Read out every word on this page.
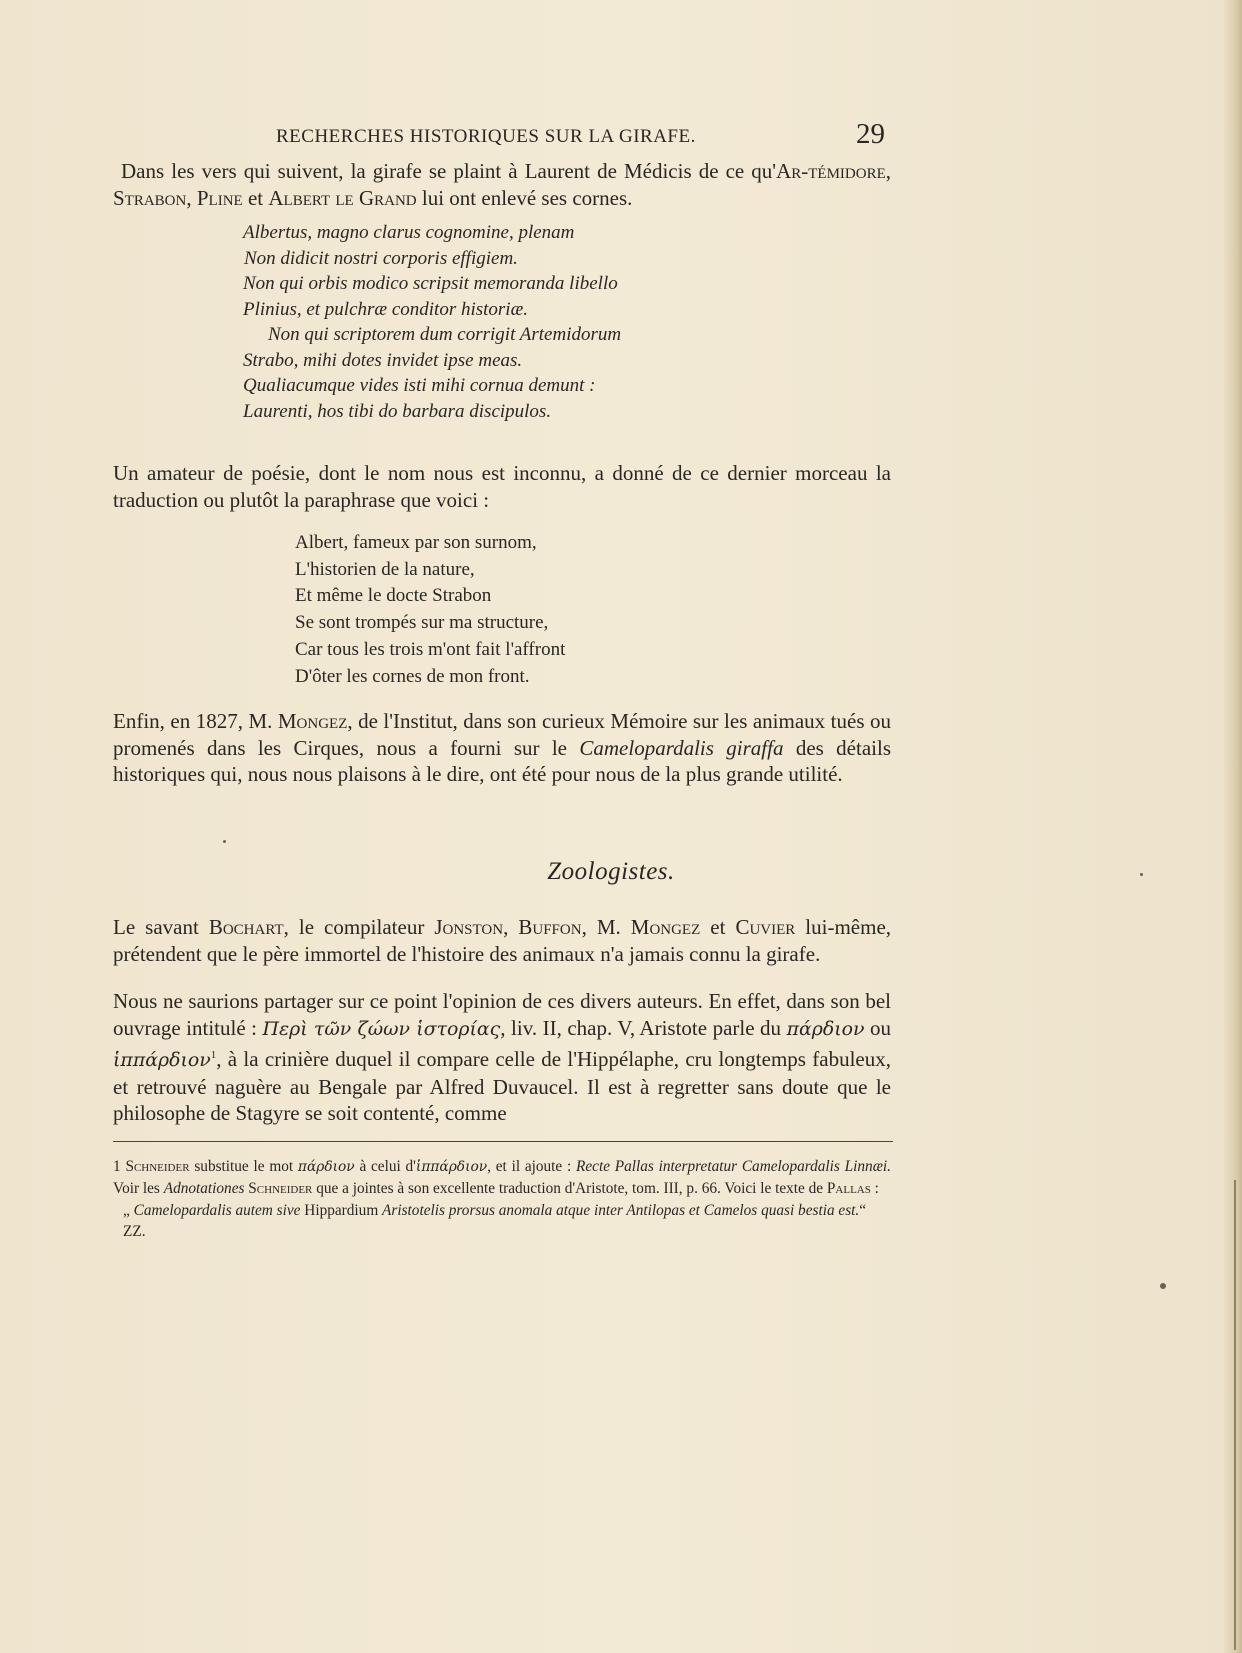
RECHERCHES HISTORIQUES SUR LA GIRAFE.	29

Dans les vers qui suivent, la girafe se plaint à Laurent de Médicis de ce qu'Ar-témidore, Strabon, Pline et Albert le Grand lui ont enlevé ses cornes.

Albertus, magno clarus cognomine, plenam
Non didicit nostri corporis effigiem.
Non qui orbis modico scripsit memoranda libello
Plinius, et pulchræ conditor historiæ.
Non qui scriptorem dum corrigit Artemidorum
Strabo, mihi dotes invidet ipse meas.
Qualiacumque vides isti mihi cornua demunt :
Laurenti, hos tibi do barbara discipulos.

Un amateur de poésie, dont le nom nous est inconnu, a donné de ce dernier morceau la traduction ou plutôt la paraphrase que voici :

Albert, fameux par son surnom,
L'historien de la nature,
Et même le docte Strabon
Se sont trompés sur ma structure,
Car tous les trois m'ont fait l'affront
D'ôter les cornes de mon front.

Enfin, en 1827, M. Mongez, de l'Institut, dans son curieux Mémoire sur les animaux tués ou promenés dans les Cirques, nous a fourni sur le Camelopardalis giraffa des détails historiques qui, nous nous plaisons à le dire, ont été pour nous de la plus grande utilité.

Zoologistes.

Le savant Bochart, le compilateur Jonston, Buffon, M. Mongez et Cuvier lui-même, prétendent que le père immortel de l'histoire des animaux n'a jamais connu la girafe.

Nous ne saurions partager sur ce point l'opinion de ces divers auteurs. En effet, dans son bel ouvrage intitulé : Περὶ τῶν ζώων ἱστορίας, liv. II, chap. V, Aristote parle du πάρδιον ou ἱππάρδιον$^1$, à la crinière duquel il compare celle de l'Hippélaphe, cru longtemps fabuleux, et retrouvé naguère au Bengale par Alfred Duvaucel. Il est à regretter sans doute que le philosophe de Stagyre se soit contenté, comme

1 Schneider substitue le mot πάρδιον à celui d'ἱππάρδιον, et il ajoute : Recte Pallas interpretatur Camelopardalis Linnæi. Voir les Adnotationes Schneider que a jointes à son excellente traduction d'Aristote, tom. III, p. 66. Voici le texte de Pallas :

„ Camelopardalis autem sive Hippardium Aristotelis prorsus anomala atque inter Antilopas et Camelos quasi bestia est.“

ZZ.
